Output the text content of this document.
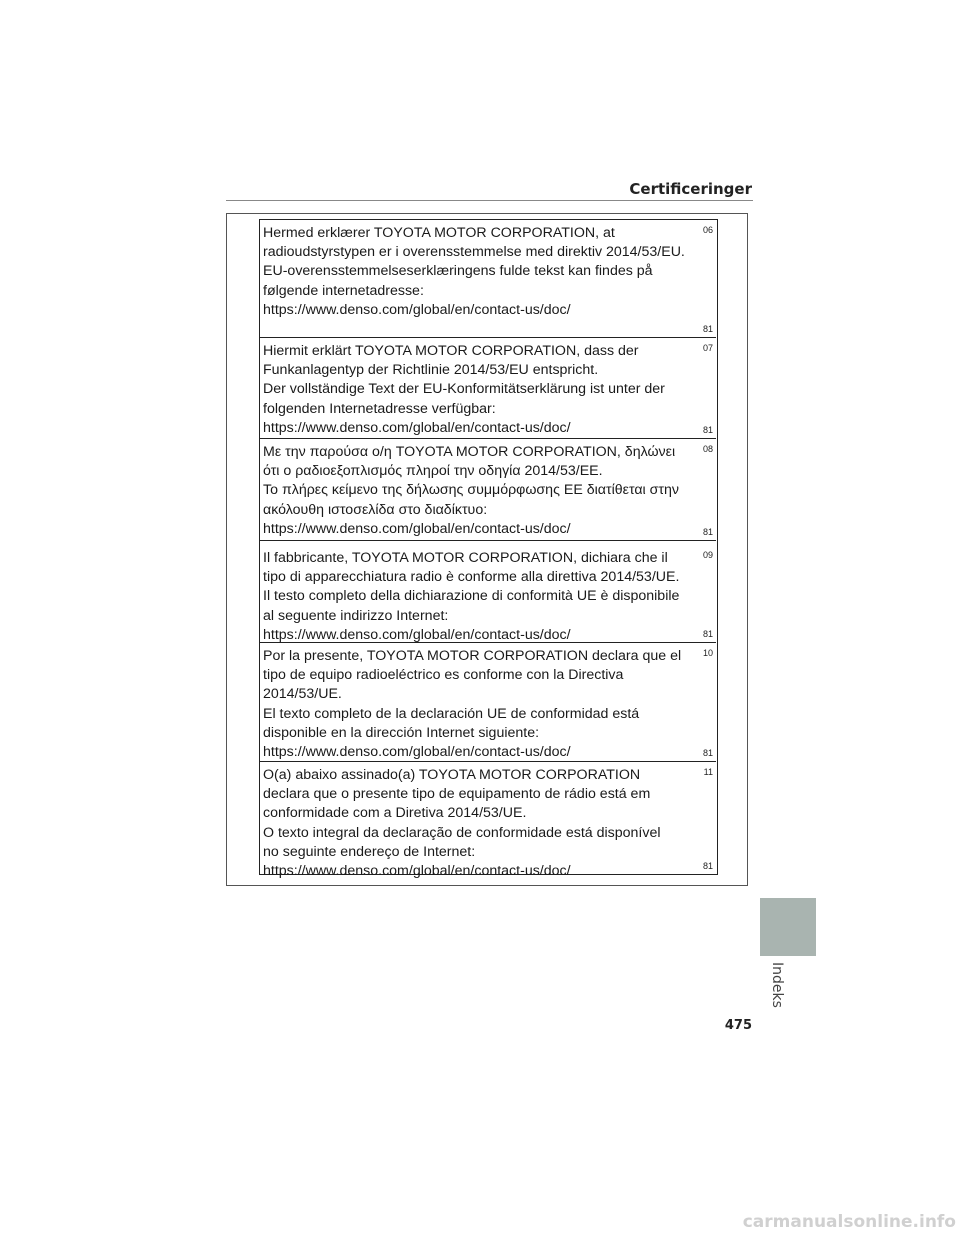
Certificeringer
Hermed erklærer TOYOTA MOTOR CORPORATION, at
radioudstyrstypen er i overensstemmelse med direktiv 2014/53/EU.
EU-overensstemmelseserklæringens fulde tekst kan findes på
følgende internetadresse:
https://www.denso.com/global/en/contact-us/doc/
06
81
Hiermit erklärt TOYOTA MOTOR CORPORATION, dass der
Funkanlagentyp der Richtlinie 2014/53/EU entspricht.
Der vollständige Text der EU-Konformitätserklärung ist unter der
folgenden Internetadresse verfügbar:
https://www.denso.com/global/en/contact-us/doc/
07
81
Με την παρούσα ο/η TOYOTA MOTOR CORPORATION, δηλώνει
ότι ο ραδιοεξοπλισμός πληροί την οδηγία 2014/53/ΕΕ.
Το πλήρες κείμενο της δήλωσης συμμόρφωσης ΕΕ διατίθεται στην
ακόλουθη ιστοσελίδα στο διαδίκτυο:
https://www.denso.com/global/en/contact-us/doc/
08
81
Il fabbricante, TOYOTA MOTOR CORPORATION, dichiara che il
tipo di apparecchiatura radio è conforme alla direttiva 2014/53/UE.
Il testo completo della dichiarazione di conformità UE è disponibile
al seguente indirizzo Internet:
https://www.denso.com/global/en/contact-us/doc/
09
81
Por la presente, TOYOTA MOTOR CORPORATION declara que el
tipo de equipo radioeléctrico es conforme con la Directiva
2014/53/UE.
El texto completo de la declaración UE de conformidad está
disponible en la dirección Internet siguiente:
https://www.denso.com/global/en/contact-us/doc/
10
81
O(a) abaixo assinado(a) TOYOTA MOTOR CORPORATION
declara que o presente tipo de equipamento de rádio está em
conformidade com a Diretiva 2014/53/UE.
O texto integral da declaração de conformidade está disponível
no seguinte endereço de Internet:
https://www.denso.com/global/en/contact-us/doc/
11
81
Indeks
475
carmanualsonline.info
